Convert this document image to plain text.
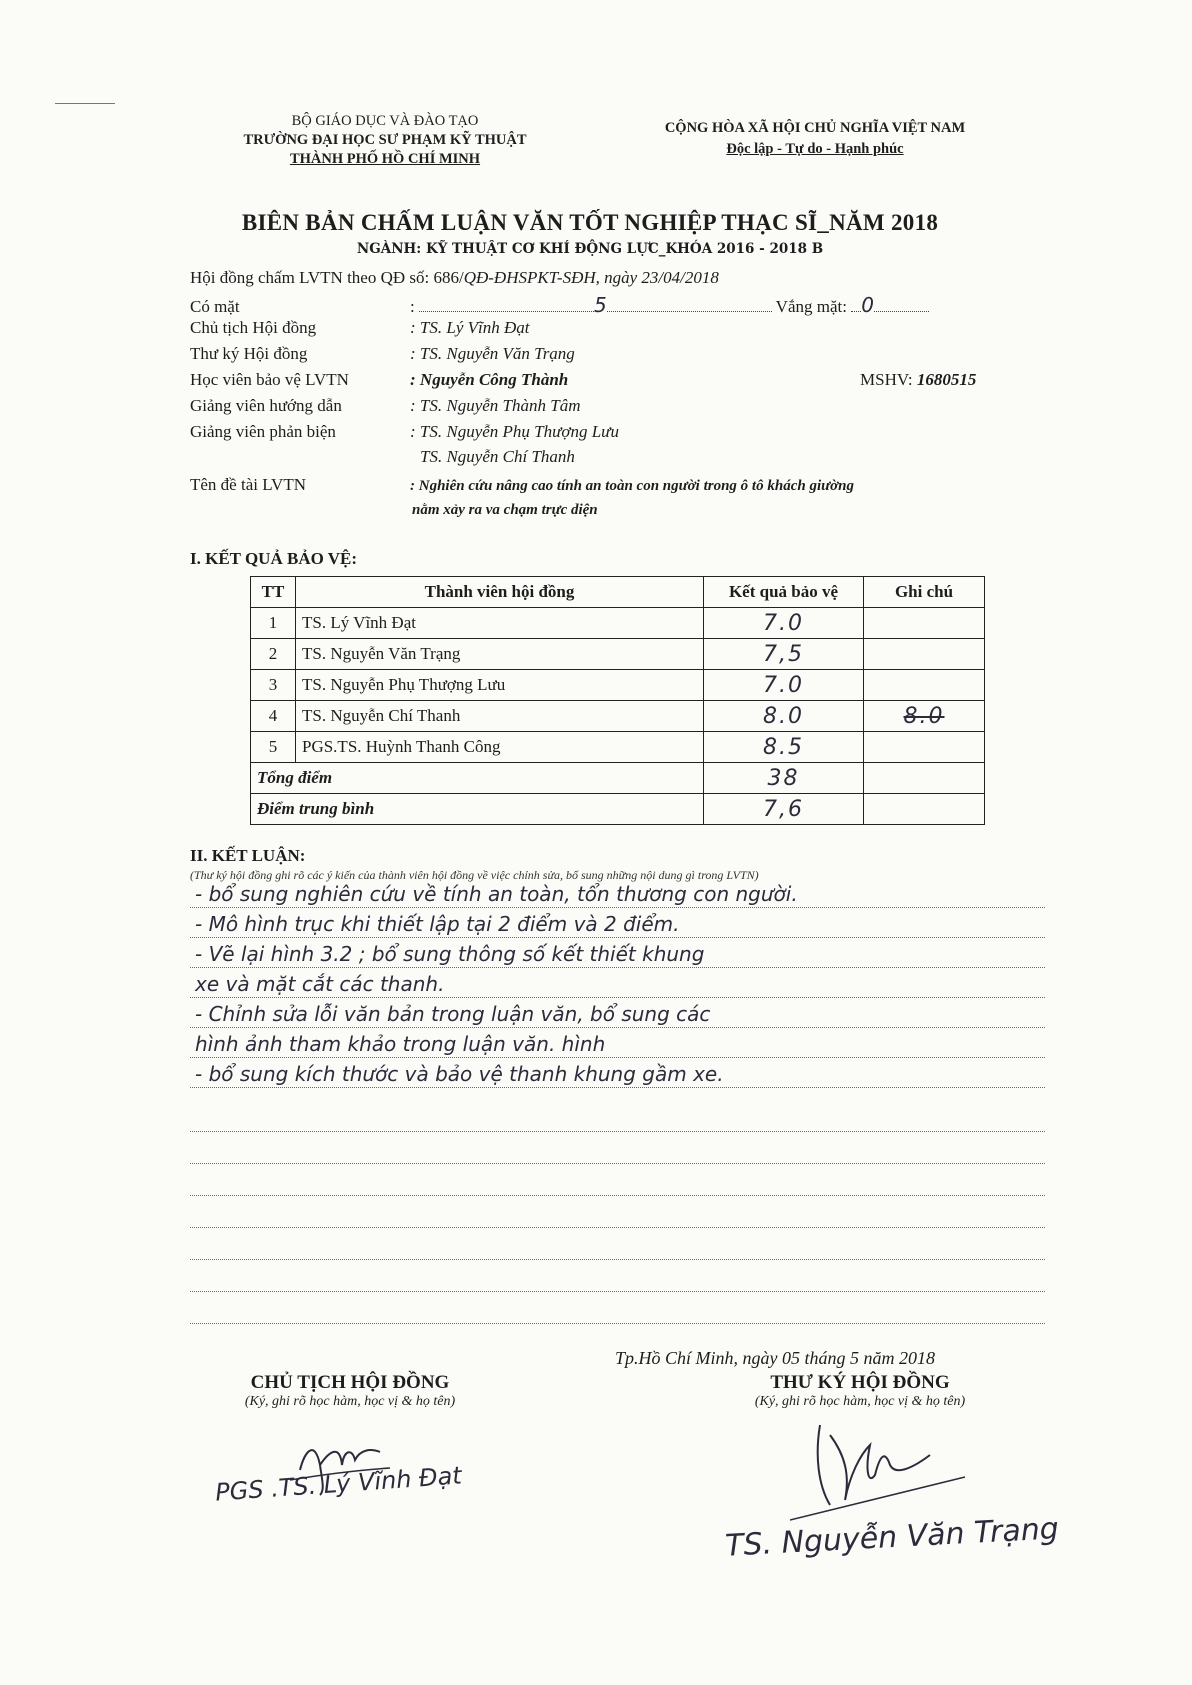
BỘ GIÁO DỤC VÀ ĐÀO TẠO
TRƯỜNG ĐẠI HỌC SƯ PHẠM KỸ THUẬT
THÀNH PHỐ HỒ CHÍ MINH
CỘNG HÒA XÃ HỘI CHỦ NGHĨA VIỆT NAM
Độc lập - Tự do - Hạnh phúc
BIÊN BẢN CHẤM LUẬN VĂN TỐT NGHIỆP THẠC SĨ_NĂM 2018
NGÀNH: KỸ THUẬT CƠ KHÍ ĐỘNG LỰC_KHÓA 2016 - 2018 B
Hội đồng chấm LVTN theo QĐ số: 686/QĐ-ĐHSPKT-SĐH, ngày 23/04/2018
Có mặt	:	5	Vắng mặt: 0
Chủ tịch Hội đồng	: TS. Lý Vĩnh Đạt
Thư ký Hội đồng	: TS. Nguyễn Văn Trạng
Học viên bảo vệ LVTN	: Nguyễn Công Thành	MSHV: 1680515
Giảng viên hướng dẫn	: TS. Nguyễn Thành Tâm
Giảng viên phản biện	: TS. Nguyễn Phụ Thượng Lưu
TS. Nguyễn Chí Thanh
Tên đề tài LVTN	: Nghiên cứu nâng cao tính an toàn con người trong ô tô khách giường
nằm xảy ra va chạm trực diện
I. KẾT QUẢ BẢO VỆ:
TT	Thành viên hội đồng	Kết quả bảo vệ	Ghi chú
1	TS. Lý Vĩnh Đạt	7.0	
2	TS. Nguyễn Văn Trạng	7,5	
3	TS. Nguyễn Phụ Thượng Lưu	7.0	
4	TS. Nguyễn Chí Thanh	8.0	8.0
5	PGS.TS. Huỳnh Thanh Công	8.5	
Tổng điểm		38	
Điểm trung bình		7,6	
II. KẾT LUẬN:
(Thư ký hội đồng ghi rõ các ý kiến của thành viên hội đồng về việc chỉnh sửa, bổ sung những nội dung gì trong LVTN)
- bổ sung nghiên cứu về tính an toàn, tổn thương con người.
- Mô hình trục khi thiết lập tại 2 điểm và 2 điểm.
- Vẽ lại hình 3.2 ; bổ sung thông số kết thiết khung
xe và mặt cắt các thanh.
- Chỉnh sửa lỗi văn bản trong luận văn, bổ sung các
hình ảnh tham khảo trong luận văn. hình
- bổ sung kích thước và bảo vệ thanh khung gầm xe.
Tp.Hồ Chí Minh, ngày 05 tháng 5 năm 2018
CHỦ TỊCH HỘI ĐỒNG
(Ký, ghi rõ học hàm, học vị & họ tên)
PGS .TS. Lý Vĩnh Đạt
THƯ KÝ HỘI ĐỒNG
(Ký, ghi rõ học hàm, học vị & họ tên)
TS. Nguyễn Văn Trạng
